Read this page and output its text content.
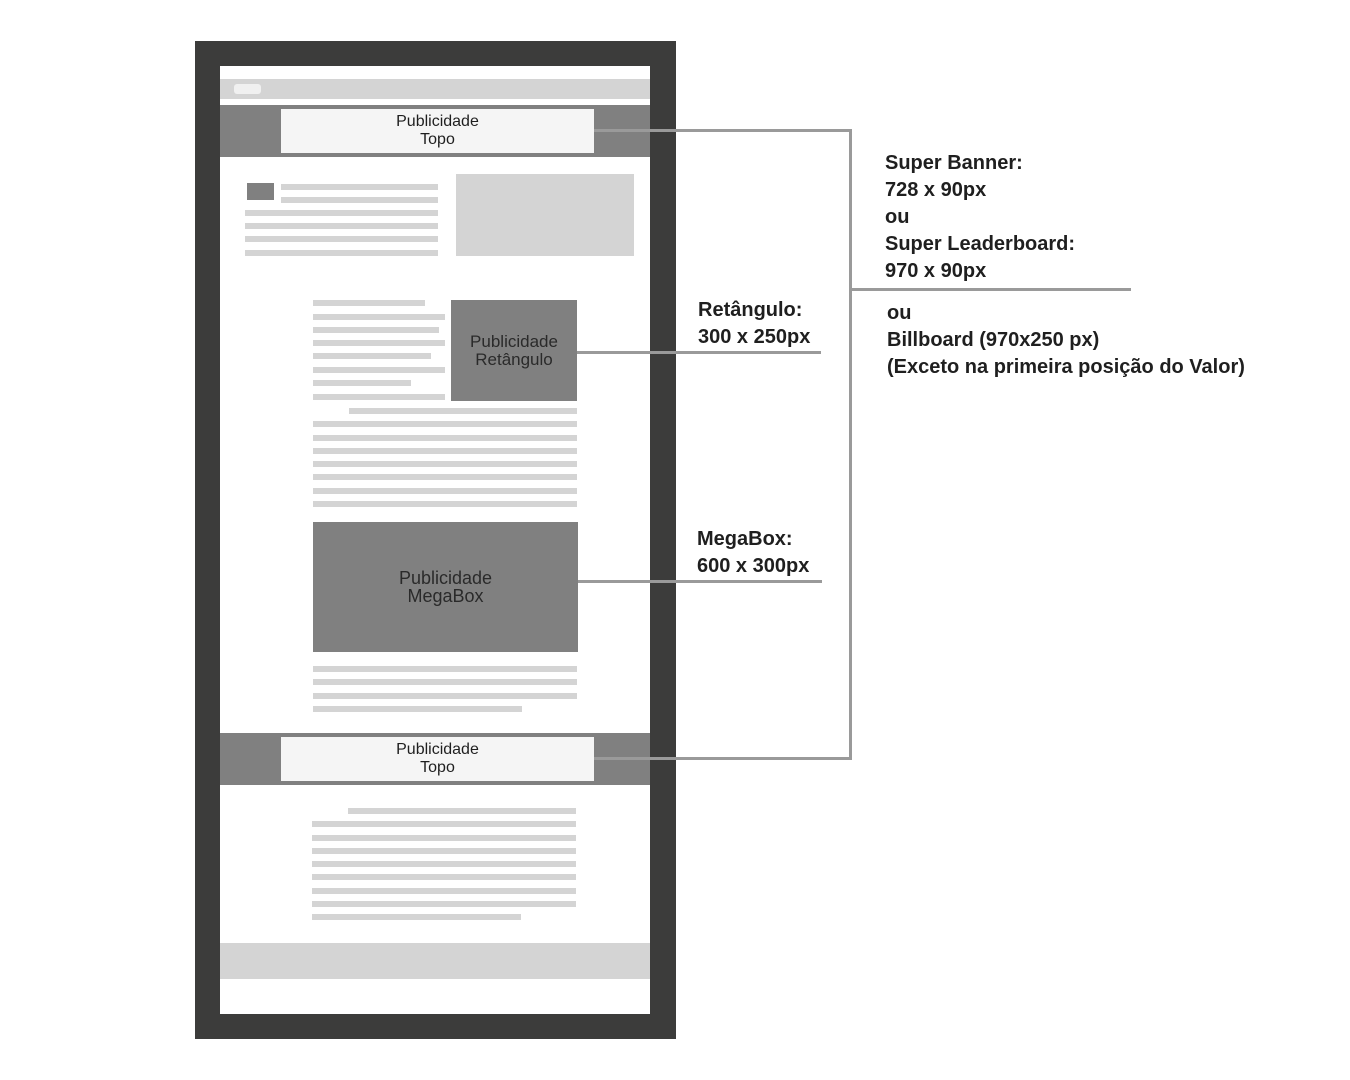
Publicidade
Topo
Publicidade
Retângulo
Publicidade
MegaBox
Publicidade
Topo
Super Banner:
728 x 90px
ou
Super Leaderboard:
970 x 90px
ou
Billboard (970x250 px)
(Exceto na primeira posição do Valor)
Retângulo:
300 x 250px
MegaBox:
600 x 300px
